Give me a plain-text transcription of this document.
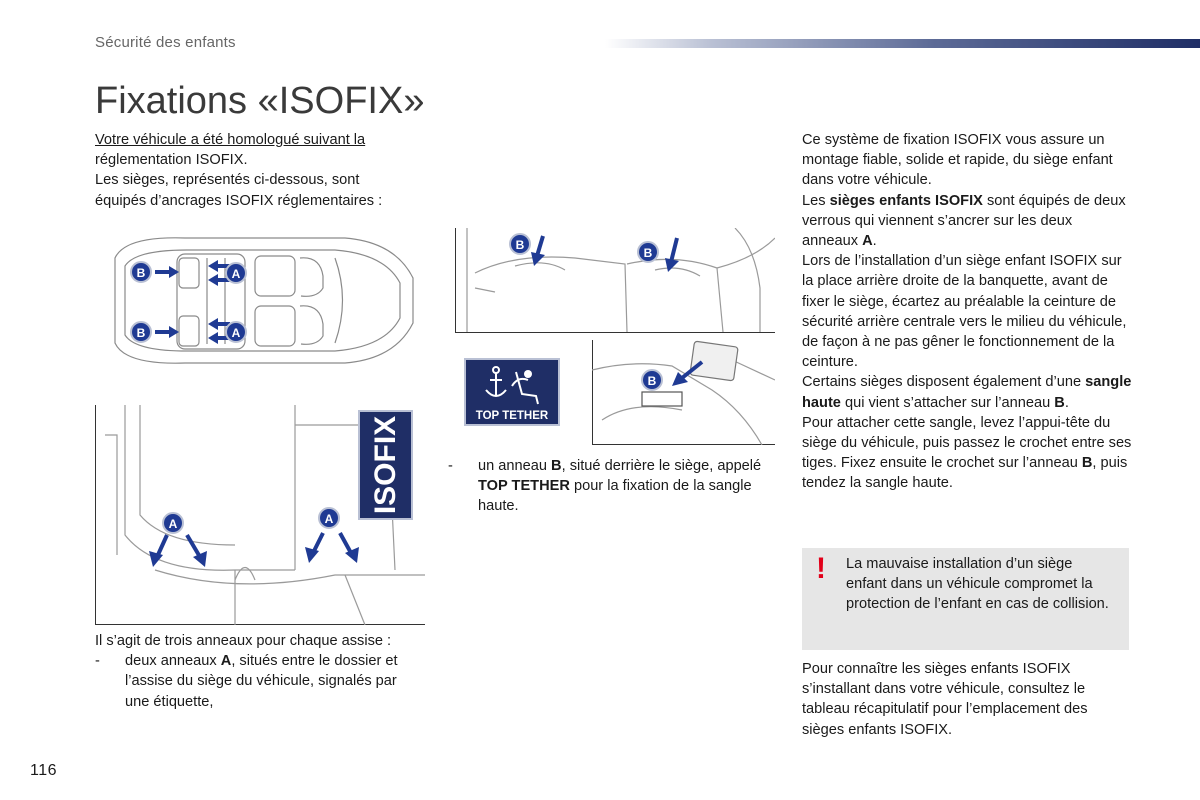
Sécurité des enfants
Fixations «ISOFIX»

Votre véhicule a été homologué suivant la

réglementation ISOFIX.

Les sièges, représentés ci-dessous, sont

équipés d’ancrages ISOFIX réglementaires :

B
B
A
A
A	A
ISOFIX
B
B
TOP TETHER
B

Il s’agit de trois anneaux pour chaque assise :

- deux anneaux A, situés entre le dossier et l’assise du siège du véhicule, signalés par une étiquette,
- un anneau B, situé derrière le siège, appelé TOP TETHER pour la fixation de la sangle haute.

Ce système de fixation ISOFIX vous assure un montage fiable, solide et rapide, du siège enfant dans votre véhicule.

Les sièges enfants ISOFIX sont équipés de deux verrous qui viennent s’ancrer sur les deux anneaux A.

Lors de l’installation d’un siège enfant ISOFIX sur la place arrière droite de la banquette, avant de fixer le siège, écartez au préalable la ceinture de sécurité arrière centrale vers le milieu du véhicule, de façon à ne pas gêner le fonctionnement de la ceinture.

Certains sièges disposent également d’une sangle haute qui vient s’attacher sur l’anneau B.

Pour attacher cette sangle, levez l’appui-tête du siège du véhicule, puis passez le crochet entre ses tiges. Fixez ensuite le crochet sur l’anneau B, puis tendez la sangle haute.

! La mauvaise installation d’un siège enfant dans un véhicule compromet la protection de l’enfant en cas de collision.
Pour connaître les sièges enfants ISOFIX s’installant dans votre véhicule, consultez le tableau récapitulatif pour l’emplacement des sièges enfants ISOFIX.
116
